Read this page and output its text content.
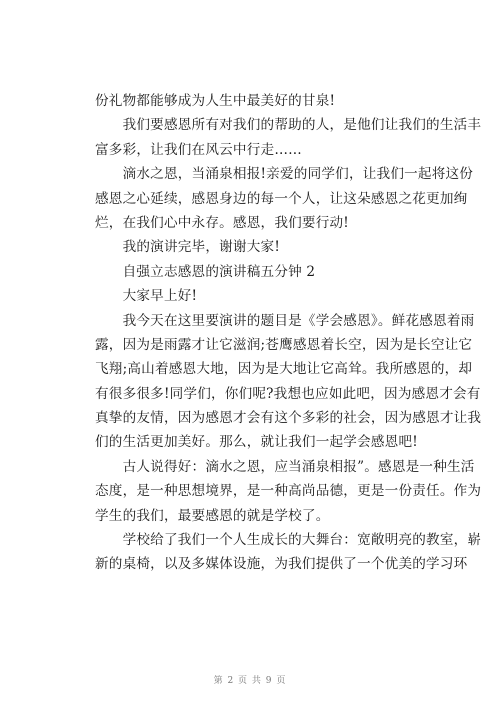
份礼物都能够成为人生中最美好的甘泉!
　　我们要感恩所有对我们的帮助的人，是他们让我们的生活丰
富多彩，让我们在风云中行走……
　　滴水之恩，当涌泉相报!亲爱的同学们，让我们一起将这份
感恩之心延续，感恩身边的每一个人，让这朵感恩之花更加绚
烂，在我们心中永存。感恩，我们要行动!
　　我的演讲完毕，谢谢大家!
　　自强立志感恩的演讲稿五分钟 2
　　大家早上好!
　　我今天在这里要演讲的题目是《学会感恩》。鲜花感恩着雨
露，因为是雨露才让它滋润;苍鹰感恩着长空，因为是长空让它
飞翔;高山着感恩大地，因为是大地让它高耸。我所感恩的，却
有很多很多!同学们，你们呢?我想也应如此吧，因为感恩才会有
真挚的友情，因为感恩才会有这个多彩的社会，因为感恩才让我
们的生活更加美好。那么，就让我们一起学会感恩吧!
　　古人说得好：滴水之恩，应当涌泉相报”。感恩是一种生活
态度，是一种思想境界，是一种高尚品德，更是一份责任。作为
学生的我们，最要感恩的就是学校了。
　　学校给了我们一个人生成长的大舞台：宽敞明亮的教室，崭
新的桌椅，以及多媒体设施，为我们提供了一个优美的学习环
第 2 页 共 9 页
